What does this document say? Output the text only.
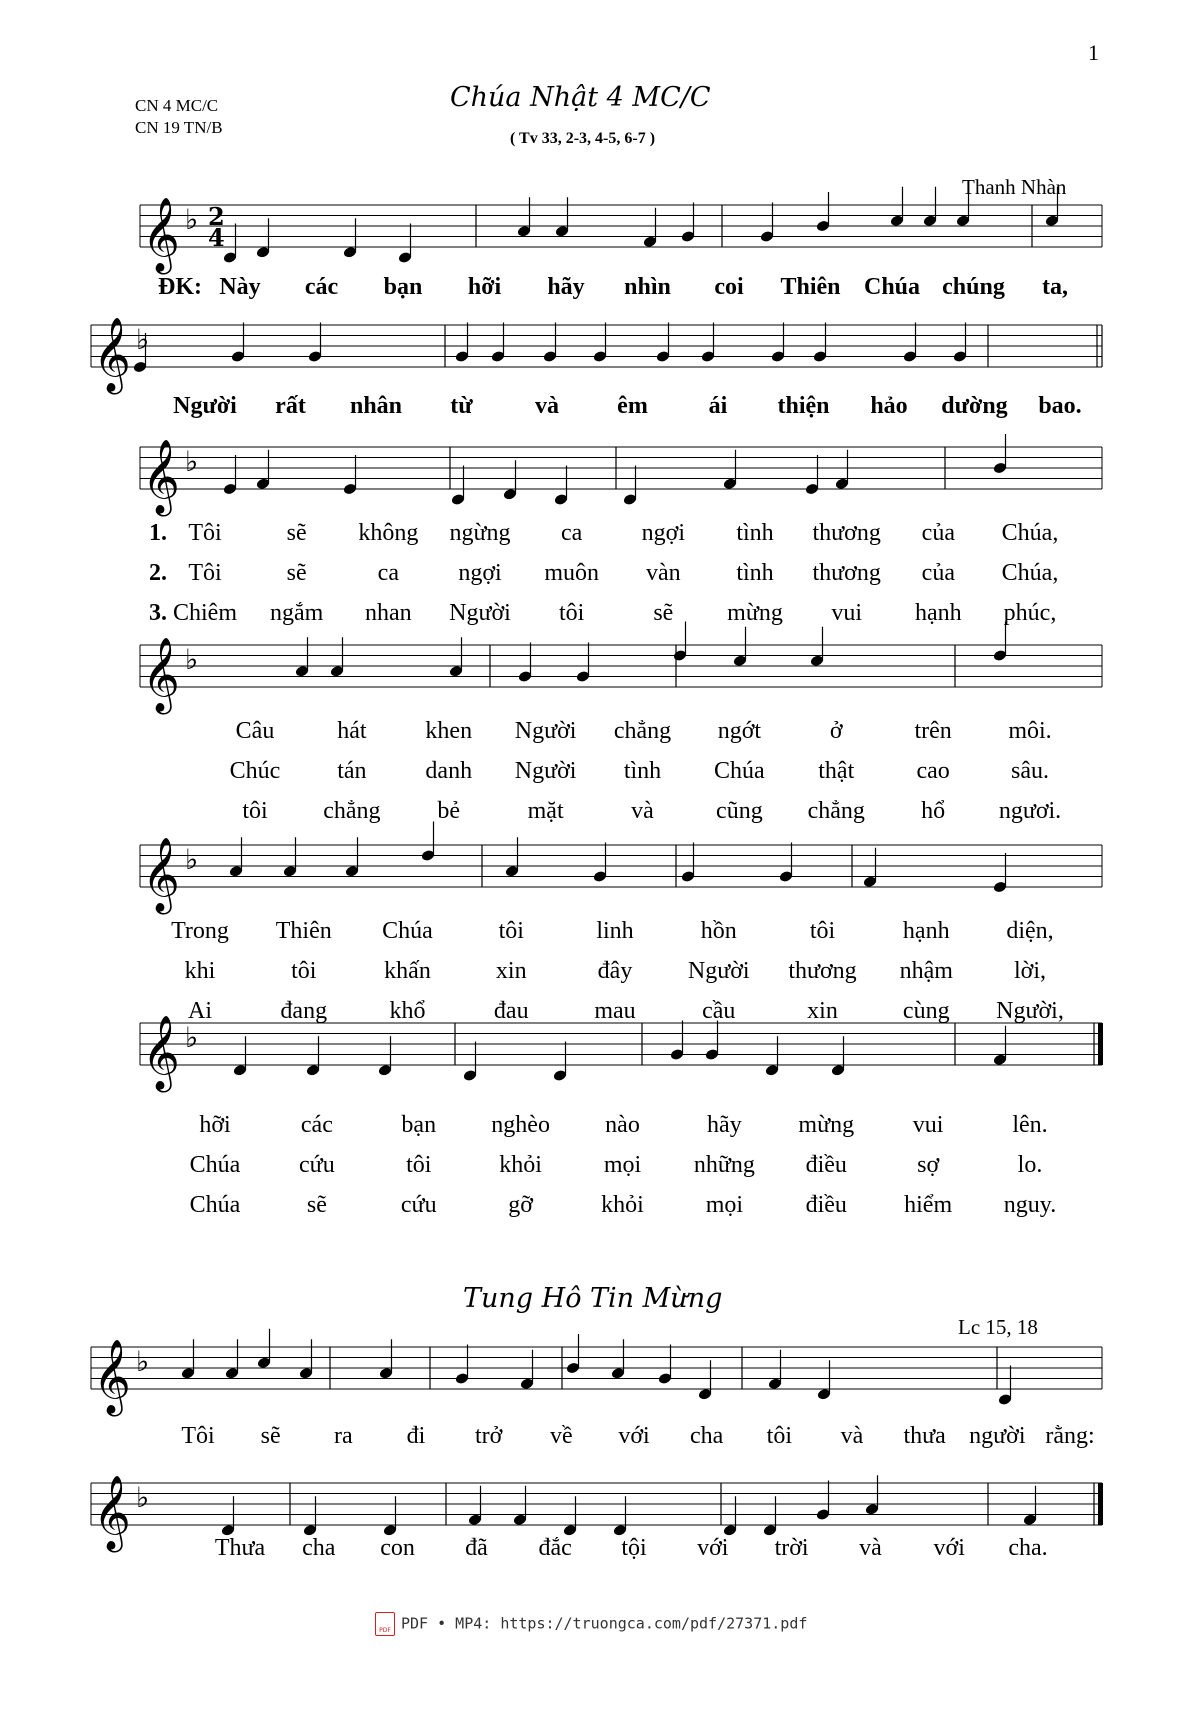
1
CN 4 MC/C
CN 19 TN/B
Chúa Nhật 4 MC/C
( Tv 33, 2-3, 4-5, 6-7 )
Thanh Nhàn
Tung Hô Tin Mừng
Lc 15, 18
𝄞 ♭ 2
4
𝄞 ♭
𝄞 ♭
𝄞 ♭
𝄞 ♭
𝄞 ♭
𝄞 ♭
𝄞 ♭
ĐK: Này các bạn hỡi hãy nhìn coi Thiên Chúa chúng ta,
Người rất nhân từ	và êm	ái thiện hảo dường bao.
1. Tôi	sẽ không ngừng ca ngợi tình thương của Chúa,
2. Tôi	sẽ	ca ngợi muôn vàn tình thương của Chúa,
3. Chiêm ngắm nhan Người tôi	sẽ mừng vui hạnh phúc,
Câu	hát khen Người chẳng ngớt	ở	trên môi.
Chúc tán danh Người tình Chúa thật	cao	sâu.
tôi chẳng bẻ	mặt	và	cũng chẳng hổ ngươi.
Trong Thiên Chúa	tôi	linh	hồn	tôi	hạnh diện,
khi	tôi	khấn	xin	đây Người thương nhậm	lời,
Ai	đang	khổ	đau	mau	cầu	xin	cùng Người,
hỡi	các	bạn nghèo nào	hãy mừng vui	lên.
Chúa cứu	tôi	khỏi	mọi những điều	sợ	lo.
Chúa	sẽ	cứu	gỡ	khỏi	mọi	điều hiểm nguy.
Tôi sẽ ra đi trở về với cha tôi và thưa người rằng:
Thưa cha con đã đắc tội với trời và với cha.
PDFPDF • MP4: https://truongca.com/pdf/27371.pdf
